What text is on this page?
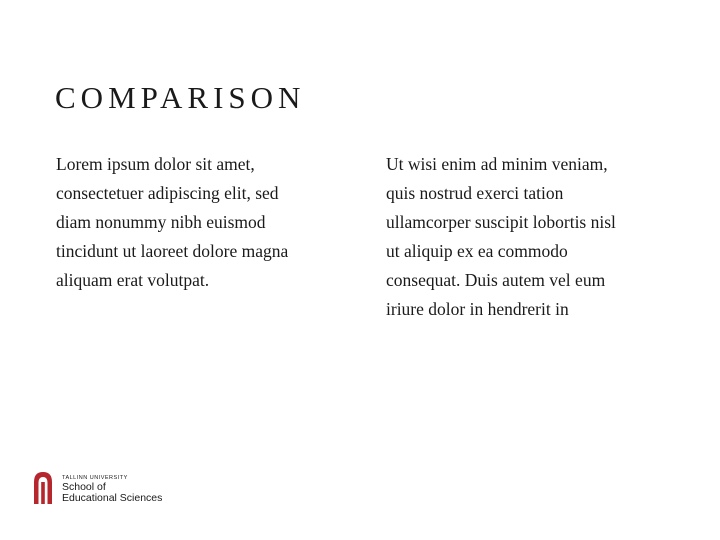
COMPARISON
Lorem ipsum dolor sit amet,
consectetuer adipiscing elit, sed
diam nonummy nibh euismod
tincidunt ut laoreet dolore magna
aliquam erat volutpat.
Ut wisi enim ad minim veniam,
quis nostrud exerci tation
ullamcorper suscipit lobortis nisl
ut aliquip ex ea commodo
consequat. Duis autem vel eum
iriure dolor in hendrerit in
TALLINN UNIVERSITY
School of
Educational Sciences
